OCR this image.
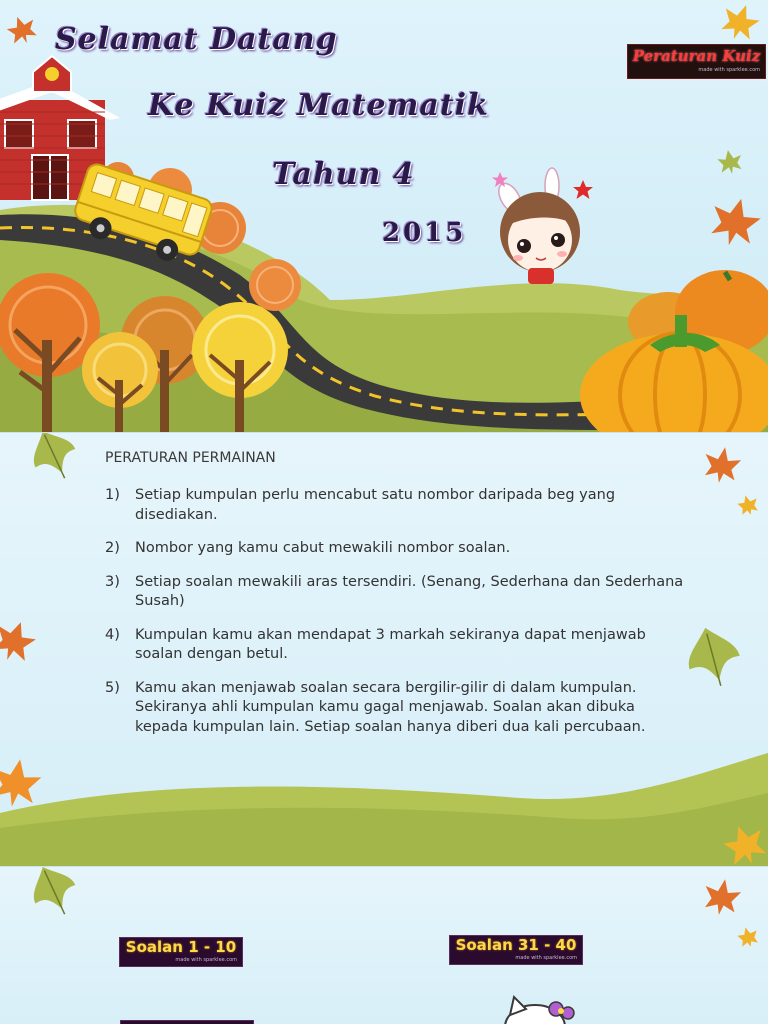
Selamat Datang
Ke Kuiz Matematik
Tahun 4
2015
Peraturan Kuiz
made with sparklee.com
PERATURAN PERMAINAN
1) Setiap kumpulan perlu mencabut satu nombor daripada beg yang disediakan.
2) Nombor yang kamu cabut mewakili nombor soalan.
3) Setiap soalan mewakili aras tersendiri. (Senang, Sederhana dan Sederhana Susah)
4) Kumpulan kamu akan mendapat 3 markah sekiranya dapat menjawab soalan dengan betul.
5) Kamu akan menjawab soalan secara bergilir-gilir di dalam kumpulan. Sekiranya ahli kumpulan kamu gagal menjawab. Soalan akan dibuka kepada kumpulan lain. Setiap soalan hanya diberi dua kali percubaan.
Soalan 1 - 10
made with sparklee.com
Soalan 31 - 40
made with sparklee.com
